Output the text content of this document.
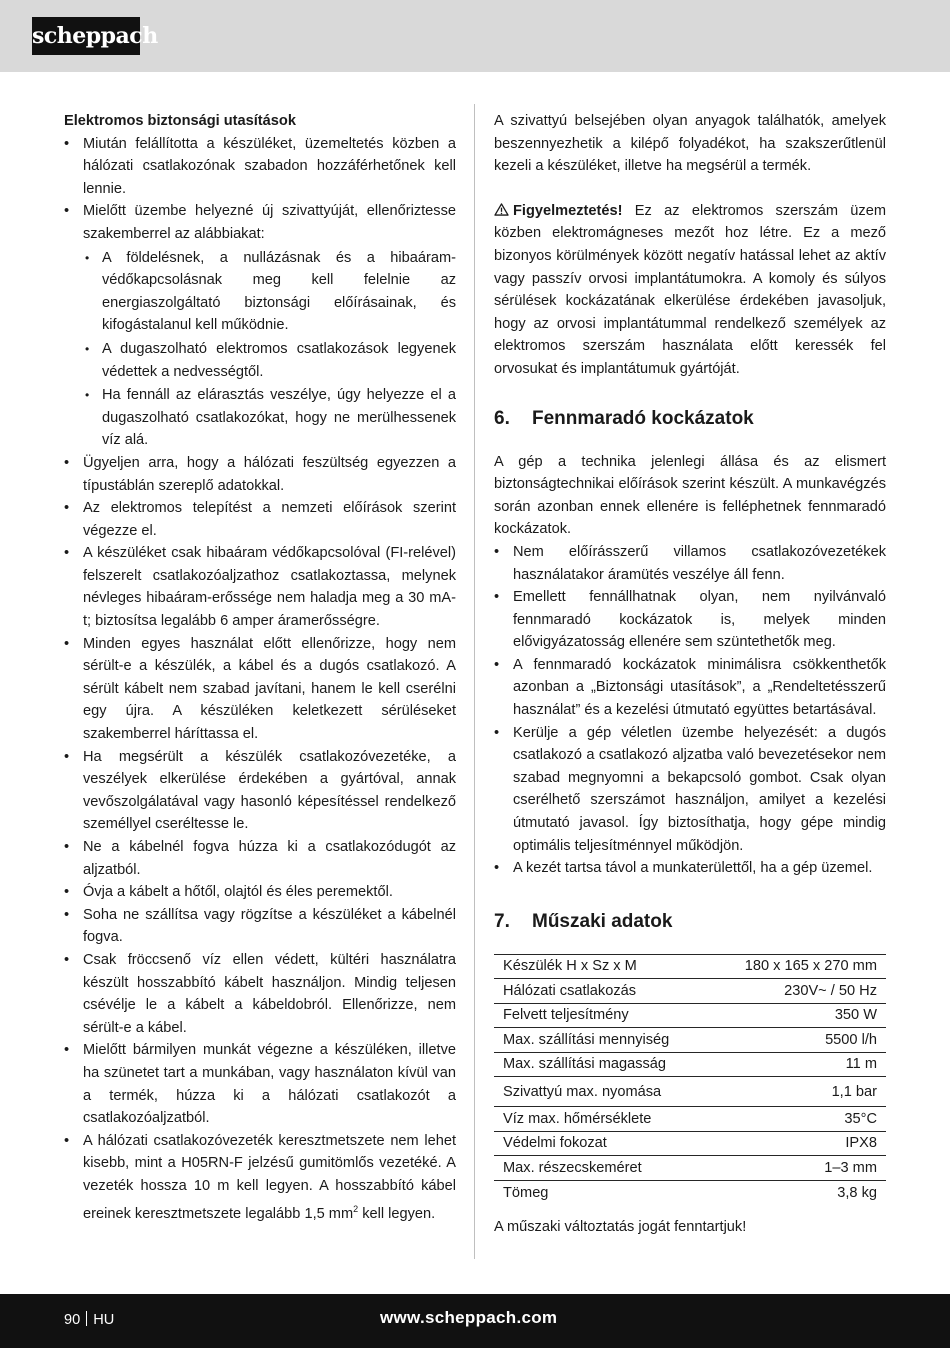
scheppach
Elektromos biztonsági utasítások
• Miután felállította a készüléket, üzemeltetés közben a hálózati csatlakozónak szabadon hozzáférhetőnek kell lennie.
• Mielőtt üzembe helyezné új szivattyúját, ellenőriztesse szakemberrel az alábbiakat:
• A földelésnek, a nullázásnak és a hibaáram-védőkapcsolásnak meg kell felelnie az energiaszolgáltató biztonsági előírásainak, és kifogástalanul kell működnie.
• A dugaszolható elektromos csatlakozások legyenek védettek a nedvességtől.
• Ha fennáll az elárasztás veszélye, úgy helyezze el a dugaszolható csatlakozókat, hogy ne merülhessenek víz alá.
• Ügyeljen arra, hogy a hálózati feszültség egyezzen a típustáblán szereplő adatokkal.
• Az elektromos telepítést a nemzeti előírások szerint végezze el.
• A készüléket csak hibaáram védőkapcsolóval (FI-relével) felszerelt csatlakozóaljzathoz csatlakoztassa, melynek névleges hibaáram-erőssége nem haladja meg a 30 mA-t; biztosítsa legalább 6 amper áramerősségre.
• Minden egyes használat előtt ellenőrizze, hogy nem sérült-e a készülék, a kábel és a dugós csatlakozó. A sérült kábelt nem szabad javítani, hanem le kell cserélni egy újra. A készüléken keletkezett sérüléseket szakemberrel háríttassa el.
• Ha megsérült a készülék csatlakozóvezetéke, a veszélyek elkerülése érdekében a gyártóval, annak vevőszolgálatával vagy hasonló képesítéssel rendelkező személlyel cseréltesse le.
• Ne a kábelnél fogva húzza ki a csatlakozódugót az aljzatból.
• Óvja a kábelt a hőtől, olajtól és éles peremektől.
• Soha ne szállítsa vagy rögzítse a készüléket a kábelnél fogva.
• Csak fröccsenő víz ellen védett, kültéri használatra készült hosszabbító kábelt használjon. Mindig teljesen csévélje le a kábelt a kábeldobról. Ellenőrizze, nem sérült-e a kábel.
• Mielőtt bármilyen munkát végezne a készüléken, illetve ha szünetet tart a munkában, vagy használaton kívül van a termék, húzza ki a hálózati csatlakozót a csatlakozóaljzatból.
• A hálózati csatlakozóvezeték keresztmetszete nem lehet kisebb, mint a H05RN-F jelzésű gumitömlős vezetéké. A vezeték hossza 10 m kell legyen. A hosszabbító kábel ereinek keresztmetszete legalább 1,5 $mm^2$ kell legyen.

A szivattyú belsejében olyan anyagok találhatók, amelyek beszennyezhetik a kilépő folyadékot, ha szakszerűtlenül kezeli a készüléket, illetve ha megsérül a termék.

Figyelmeztetés! Ez az elektromos szerszám üzem közben elektromágneses mezőt hoz létre. Ez a mező bizonyos körülmények között negatív hatással lehet az aktív vagy passzív orvosi implantátumokra. A komoly és súlyos sérülések kockázatának elkerülése érdekében javasoljuk, hogy az orvosi implantátummal rendelkező személyek az elektromos szerszám használata előtt keressék fel orvosukat és implantátumuk gyártóját.

6. Fennmaradó kockázatok

A gép a technika jelenlegi állása és az elismert biztonságtechnikai előírások szerint készült. A munkavégzés során azonban ennek ellenére is felléphetnek fennmaradó kockázatok.

• Nem előírásszerű villamos csatlakozóvezetékek használatakor áramütés veszélye áll fenn.
• Emellett fennállhatnak olyan, nem nyilvánvaló fennmaradó kockázatok is, melyek minden elővigyázatosság ellenére sem szüntethetők meg.
• A fennmaradó kockázatok minimálisra csökkenthetők azonban a „Biztonsági utasítások”, a „Rendeltetésszerű használat” és a kezelési útmutató együttes betartásával.
• Kerülje a gép véletlen üzembe helyezését: a dugós csatlakozó a csatlakozó aljzatba való bevezetésekor nem szabad megnyomni a bekapcsoló gombot. Csak olyan cserélhető szerszámot használjon, amilyet a kezelési útmutató javasol. Így biztosíthatja, hogy gépe mindig optimális teljesítménnyel működjön.
• A kezét tartsa távol a munkaterülettől, ha a gép üzemel.
7. Műszaki adatok
Készülék H x Sz x M	180 x 165 x 270 mm
Hálózati csatlakozás	230V~ / 50 Hz
Felvett teljesítmény	350 W
Max. szállítási mennyiség	5500 l/h
Max. szállítási magasság	11 m
Szivattyú max. nyomása	1,1 bar
Víz max. hőmérséklete	35°C
Védelmi fokozat	IPX8
Max. részecskeméret	1–3 mm
Tömeg	3,8 kg

A műszaki változtatás jogát fenntartjuk!

90 HU	www.scheppach.com
